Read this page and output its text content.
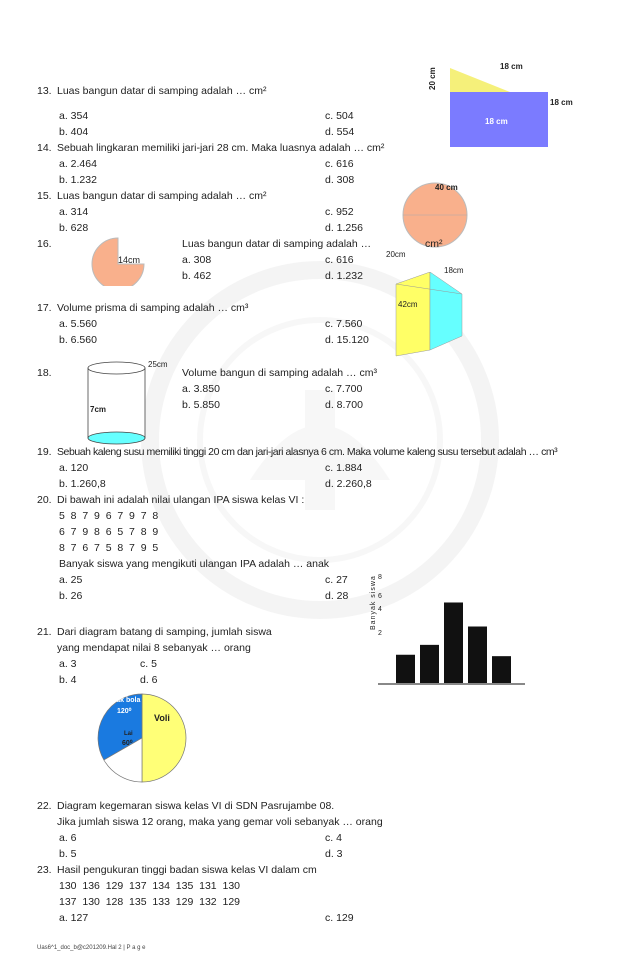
13. Luas bangun datar di samping adalah … cm²
a. 354
b. 404
c. 504
d. 554
18 cm
20 cm
18 cm
18 cm
14. Sebuah lingkaran memiliki jari-jari 28 cm. Maka luasnya adalah … cm²
a. 2.464
b. 1.232
c. 616
d. 308
15. Luas bangun datar di samping adalah … cm²
a. 314
b. 628
c. 952
d. 1.256
40 cm
16.
14cm
Luas bangun datar di samping adalah …	cm²
a. 308
b. 462
c. 616
d. 1.232
20cm
18cm
42cm
17. Volume prisma di samping adalah … cm³
a. 5.560
b. 6.560
c. 7.560
d. 15.120
18.
25cm
7cm
Volume bangun di samping adalah … cm³
a. 3.850
b. 5.850
c. 7.700
d. 8.700
19. Sebuah kaleng susu memiliki tinggi 20 cm dan jari-jari alasnya 6 cm. Maka volume kaleng susu tersebut adalah … cm³
a. 120
b. 1.260,8
c. 1.884
d. 2.260,8
20. Di bawah ini adalah nilai ulangan IPA siswa kelas VI :
5  8  7  9  6  7  9  7  8
6  7  9  8  6  5  7  8  9
8  7  6  7  5  8  7  9  5
Banyak siswa yang mengikuti ulangan IPA adalah … anak
a. 25
b. 26
c. 27
d. 28	Banyak siswa 8
6
4
2
21. Dari diagram batang di samping, jumlah siswa
yang mendapat nilai 8 sebanyak … orang
a. 3
b. 4
c. 5
d. 6
pak bola
120⁰
Voli
Lai
60⁰
22. Diagram kegemaran siswa kelas VI di SDN Pasrujambe 08.
Jika jumlah siswa 12 orang, maka yang gemar voli sebanyak … orang
a. 6
b. 5
c. 4
d. 3
23. Hasil pengukuran tinggi badan siswa kelas VI dalam cm
130  136  129  137  134  135  131  130
137  130  128  135  133  129  132  129
a. 127	c. 129
Uas6^1_doc_b@c201209.Hal 2 | P a g e
